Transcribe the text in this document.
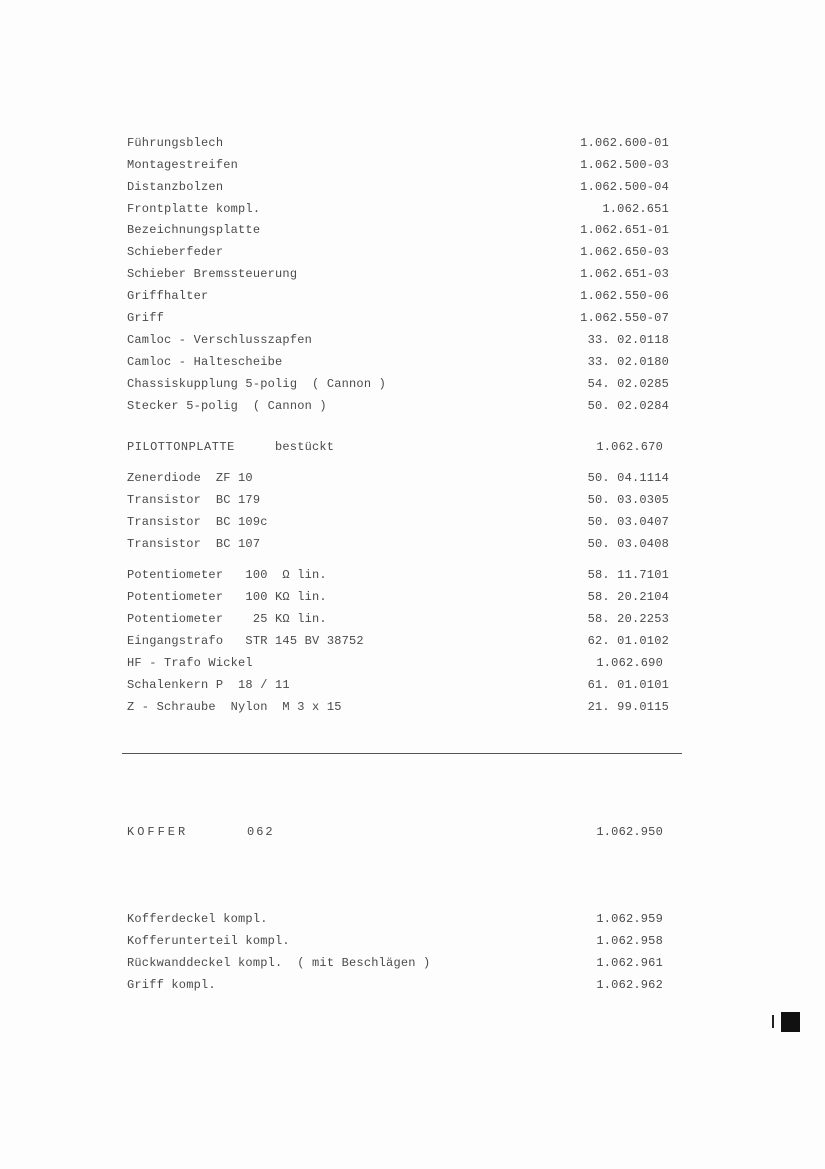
Führungsblech	1.062.600-01
Montagestreifen	1.062.500-03
Distanzbolzen	1.062.500-04
Frontplatte kompl.	1.062.651
Bezeichnungsplatte	1.062.651-01
Schieberfeder	1.062.650-03
Schieber Bremssteuerung	1.062.651-03
Griffhalter	1.062.550-06
Griff	1.062.550-07
Camloc - Verschlusszapfen	33. 02.0118
Camloc - Haltescheibe	33. 02.0180
Chassiskupplung 5-polig  ( Cannon )	54. 02.0285
Stecker 5-polig  ( Cannon )	50. 02.0284
PILOTTONPLATTE	bestückt	1.062.670
Zenerdiode  ZF 10	50. 04.1114
Transistor  BC 179	50. 03.0305
Transistor  BC 109c	50. 03.0407
Transistor  BC 107	50. 03.0408
Potentiometer   100  Ω lin.	58. 11.7101
Potentiometer   100 KΩ lin.	58. 20.2104
Potentiometer    25 KΩ lin.	58. 20.2253
Eingangstrafo   STR 145 BV 38752	62. 01.0102
HF - Trafo Wickel	1.062.690
Schalenkern P  18 / 11	61. 01.0101
Z - Schraube  Nylon  M 3 x 15	21. 99.0115
KOFFER	062	1.062.950
Kofferdeckel kompl.	1.062.959
Kofferunterteil kompl.	1.062.958
Rückwanddeckel kompl.  ( mit Beschlägen )	1.062.961
Griff kompl.	1.062.962
